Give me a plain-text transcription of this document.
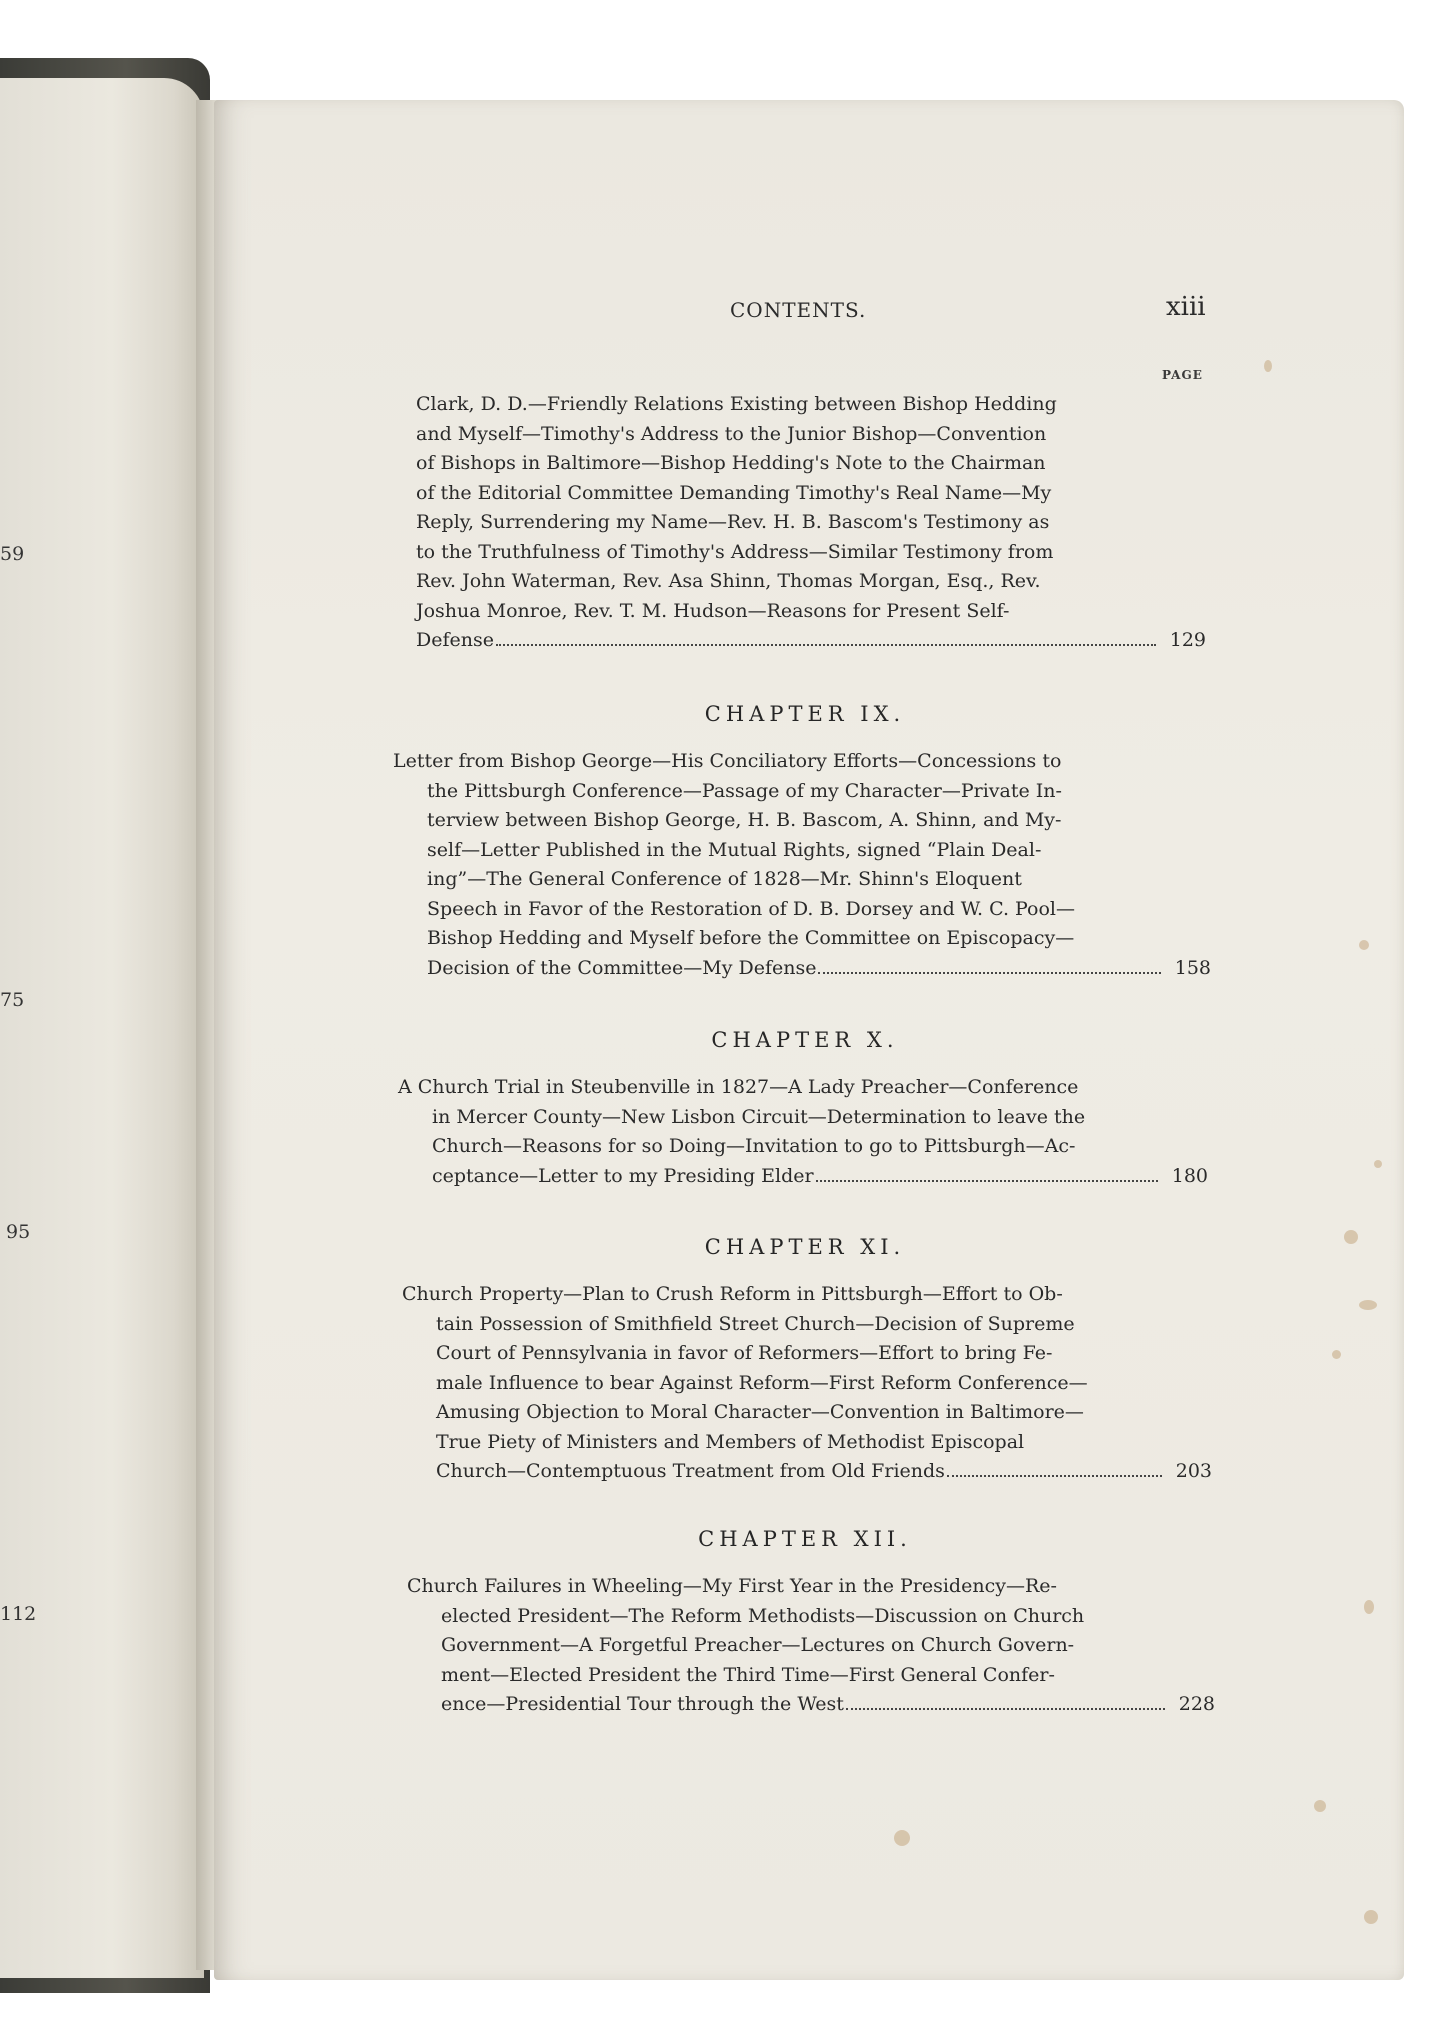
59
75
95
112
CONTENTS.	xiii
PAGE
Clark, D. D.—Friendly Relations Existing between Bishop Hedding
and Myself—Timothy's Address to the Junior Bishop—Convention
of Bishops in Baltimore—Bishop Hedding's Note to the Chairman
of the Editorial Committee Demanding Timothy's Real Name—My
Reply, Surrendering my Name—Rev. H. B. Bascom's Testimony as
to the Truthfulness of Timothy's Address—Similar Testimony from
Rev. John Waterman, Rev. Asa Shinn, Thomas Morgan, Esq., Rev.
Joshua Monroe, Rev. T. M. Hudson—Reasons for Present Self-
Defense	129
CHAPTER IX.
Letter from Bishop George—His Conciliatory Efforts—Concessions to
the Pittsburgh Conference—Passage of my Character—Private In-
terview between Bishop George, H. B. Bascom, A. Shinn, and My-
self—Letter Published in the Mutual Rights, signed “Plain Deal-
ing”—The General Conference of 1828—Mr. Shinn's Eloquent
Speech in Favor of the Restoration of D. B. Dorsey and W. C. Pool—
Bishop Hedding and Myself before the Committee on Episcopacy—
Decision of the Committee—My Defense	158
CHAPTER X.
A Church Trial in Steubenville in 1827—A Lady Preacher—Conference
in Mercer County—New Lisbon Circuit—Determination to leave the
Church—Reasons for so Doing—Invitation to go to Pittsburgh—Ac-
ceptance—Letter to my Presiding Elder	180
CHAPTER XI.
Church Property—Plan to Crush Reform in Pittsburgh—Effort to Ob-
tain Possession of Smithfield Street Church—Decision of Supreme
Court of Pennsylvania in favor of Reformers—Effort to bring Fe-
male Influence to bear Against Reform—First Reform Conference—
Amusing Objection to Moral Character—Convention in Baltimore—
True Piety of Ministers and Members of Methodist Episcopal
Church—Contemptuous Treatment from Old Friends	203
CHAPTER XII.
Church Failures in Wheeling—My First Year in the Presidency—Re-
elected President—The Reform Methodists—Discussion on Church
Government—A Forgetful Preacher—Lectures on Church Govern-
ment—Elected President the Third Time—First General Confer-
ence—Presidential Tour through the West	228
